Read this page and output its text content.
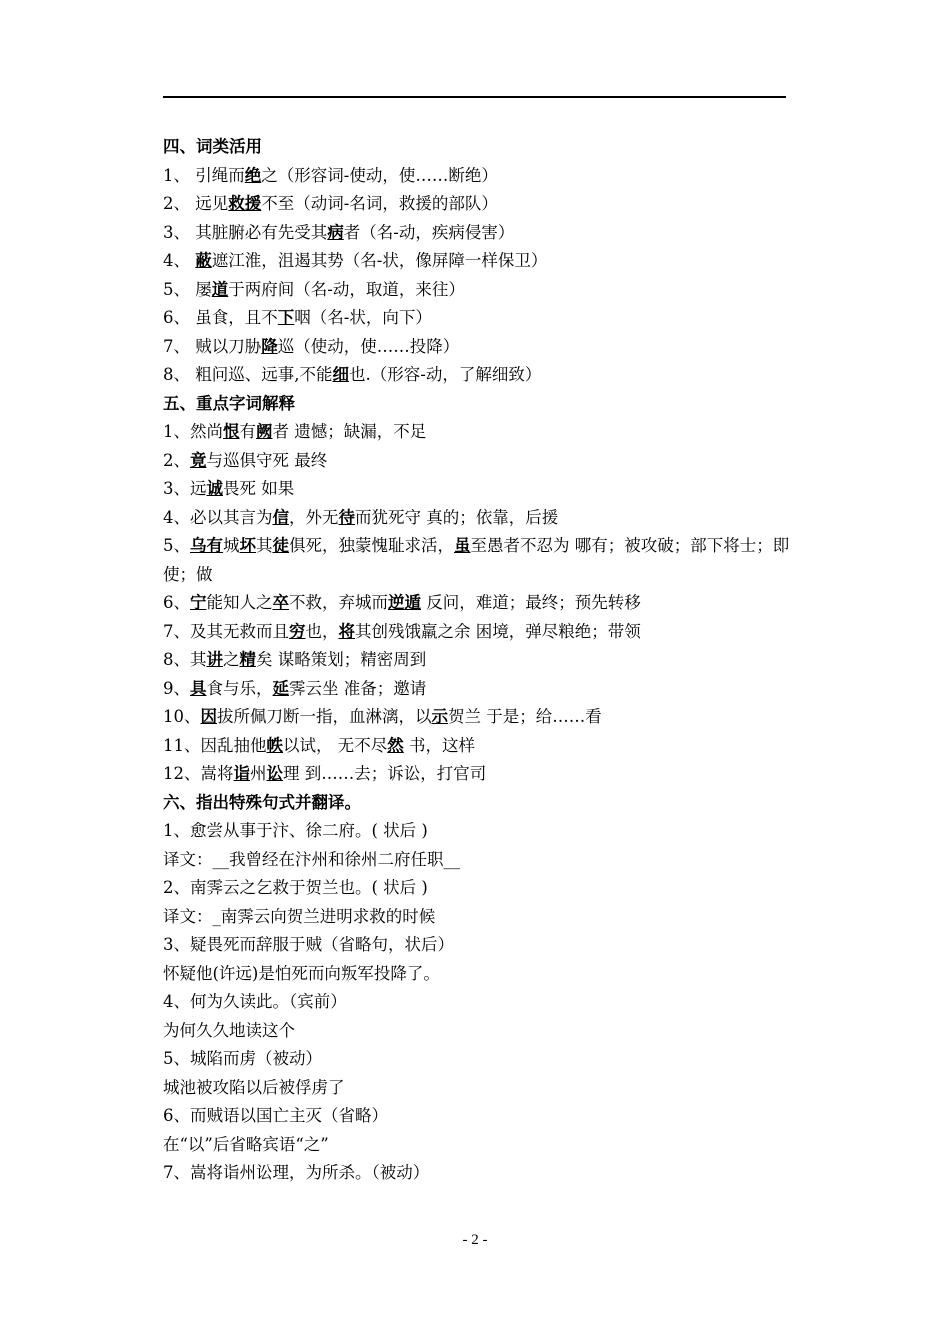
四、词类活用
1、 引绳而绝之（形容词-使动，使……断绝）
2、 远见救援不至（动词-名词，救援的部队）
3、 其脏腑必有先受其病者（名-动，疾病侵害）
4、 蔽遮江淮，沮遏其势（名-状，像屏障一样保卫）
5、 屡道于两府间（名-动，取道，来往）
6、 虽食，且不下咽（名-状，向下）
7、 贼以刀胁降巡（使动，使……投降）
8、 粗问巡、远事,不能细也.（形容-动，了解细致）
五、重点字词解释
1、然尚恨有阙者 遗憾；缺漏，不足
2、竟与巡俱守死 最终
3、远诚畏死 如果
4、必以其言为信，外无待而犹死守 真的；依靠，后援
5、乌有城坏其徒俱死，独蒙愧耻求活，虽至愚者不忍为 哪有；被攻破；部下将士；即使；做
6、宁能知人之卒不救，弃城而逆遁 反问，难道；最终；预先转移
7、及其无救而且穷也，将其创残饿羸之余 困境，弹尽粮绝；带领
8、其讲之精矣 谋略策划；精密周到
9、具食与乐，延霁云坐 准备；邀请
10、因拔所佩刀断一指，血淋漓，以示贺兰 于是；给……看
11、因乱抽他帙以试， 无不尽然 书，这样
12、嵩将诣州讼理 到……去；诉讼，打官司
六、指出特殊句式并翻译。
1、愈尝从事于汴、徐二府。( 状后 )
译文：__我曾经在汴州和徐州二府任职__
2、南霁云之乞救于贺兰也。( 状后 )
译文：_南霁云向贺兰进明求救的时候
3、疑畏死而辞服于贼（省略句，状后）
怀疑他(许远)是怕死而向叛军投降了。
4、何为久读此。（宾前）
为何久久地读这个
5、城陷而虏（被动）
城池被攻陷以后被俘虏了
6、而贼语以国亡主灭（省略）
在“以”后省略宾语“之”
7、嵩将诣州讼理，为所杀。（被动）
- 2 -
